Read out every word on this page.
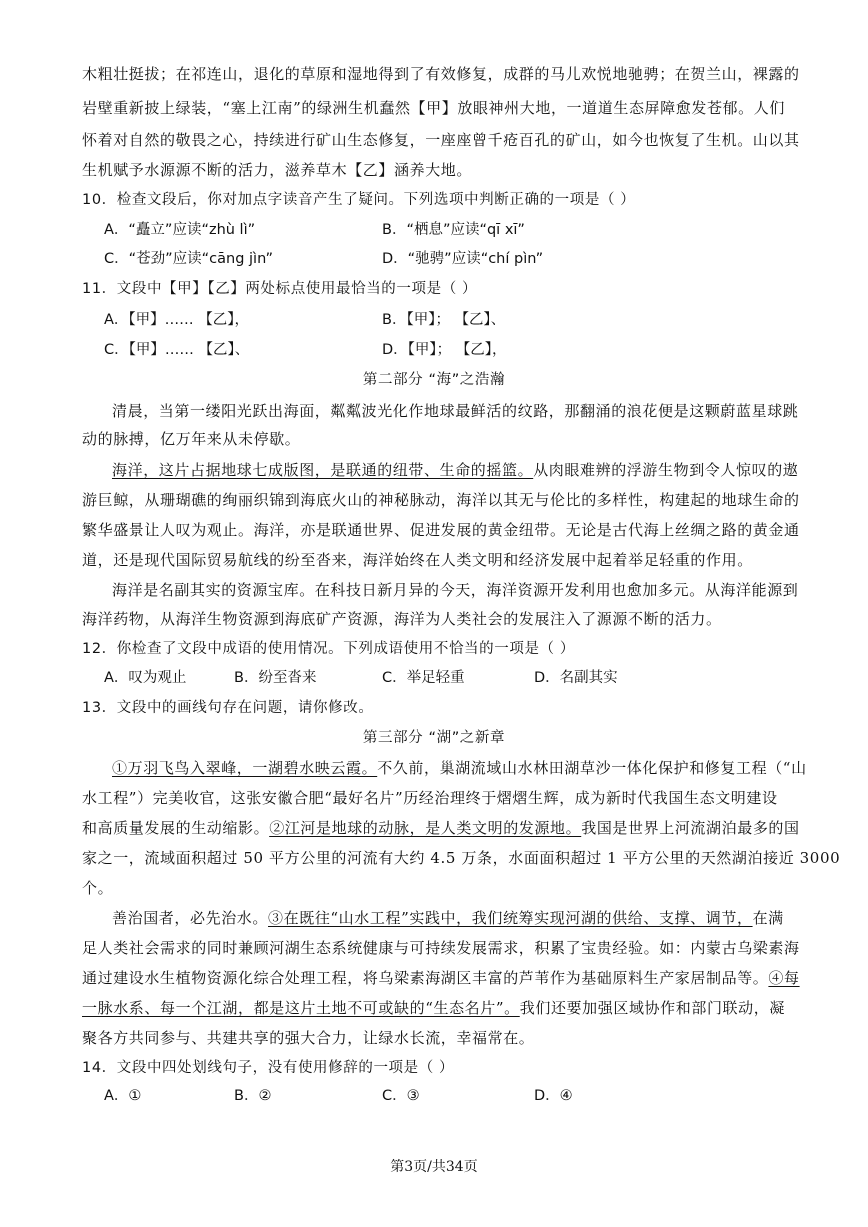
木粗壮挺拔；在祁连山，退化的草原和湿地得到了有效修复，成群的马儿欢悦地驰骋；在贺兰山，裸露的
岩壁重新披上绿装，“塞上江南”的绿洲生机蠢然【甲】放眼神州大地，一道道生态屏障愈发苍郁。人们
怀着对自然的敬畏之心，持续进行矿山生态修复，一座座曾千疮百孔的矿山，如今也恢复了生机。山以其
生机赋予水源源不断的活力，滋养草木【乙】涵养大地。
10．检查文段后，你对加点字读音产生了疑问。下列选项中判断正确的一项是（ ）
A．“矗立”应读“zhù lì”	B．“栖息”应读“qī xī”
C．“苍劲”应读“cāng jìn”	D．“驰骋”应读“chí pìn”
11．文段中【甲】【乙】两处标点使用最恰当的一项是（ ）
A．【甲】…… 【乙】，	B．【甲】； 【乙】、
C．【甲】…… 【乙】、	D．【甲】； 【乙】，
第二部分 “海”之浩瀚
清晨，当第一缕阳光跃出海面，粼粼波光化作地球最鲜活的纹路，那翻涌的浪花便是这颗蔚蓝星球跳
动的脉搏，亿万年来从未停歇。
海洋，这片占据地球七成版图，是联通的纽带、生命的摇篮。从肉眼难辨的浮游生物到令人惊叹的遨
游巨鲸，从珊瑚礁的绚丽织锦到海底火山的神秘脉动，海洋以其无与伦比的多样性，构建起的地球生命的
繁华盛景让人叹为观止。海洋，亦是联通世界、促进发展的黄金纽带。无论是古代海上丝绸之路的黄金通
道，还是现代国际贸易航线的纷至沓来，海洋始终在人类文明和经济发展中起着举足轻重的作用。
海洋是名副其实的资源宝库。在科技日新月异的今天，海洋资源开发利用也愈加多元。从海洋能源到
海洋药物，从海洋生物资源到海底矿产资源，海洋为人类社会的发展注入了源源不断的活力。
12．你检查了文段中成语的使用情况。下列成语使用不恰当的一项是（ ）
A．叹为观止	B．纷至沓来	C．举足轻重	D．名副其实
13．文段中的画线句存在问题，请你修改。
第三部分 “湖”之新章
①万羽飞鸟入翠峰，一湖碧水映云霞。不久前，巢湖流域山水林田湖草沙一体化保护和修复工程（“山
水工程”）完美收官，这张安徽合肥“最好名片”历经治理终于熠熠生辉，成为新时代我国生态文明建设
和高质量发展的生动缩影。②江河是地球的动脉，是人类文明的发源地。我国是世界上河流湖泊最多的国
家之一，流域面积超过 50 平方公里的河流有大约 4.5 万条，水面面积超过 1 平方公里的天然湖泊接近 3000
个。
善治国者，必先治水。③在既往“山水工程”实践中，我们统筹实现河湖的供给、支撑、调节，在满
足人类社会需求的同时兼顾河湖生态系统健康与可持续发展需求，积累了宝贵经验。如：内蒙古乌梁素海
通过建设水生植物资源化综合处理工程，将乌梁素海湖区丰富的芦苇作为基础原料生产家居制品等。④每
一脉水系、每一个江湖，都是这片土地不可或缺的“生态名片”。我们还要加强区域协作和部门联动，凝
聚各方共同参与、共建共享的强大合力，让绿水长流，幸福常在。
14．文段中四处划线句子，没有使用修辞的一项是（ ）
A．①	B．②	C．③	D．④
第3页/共34页
